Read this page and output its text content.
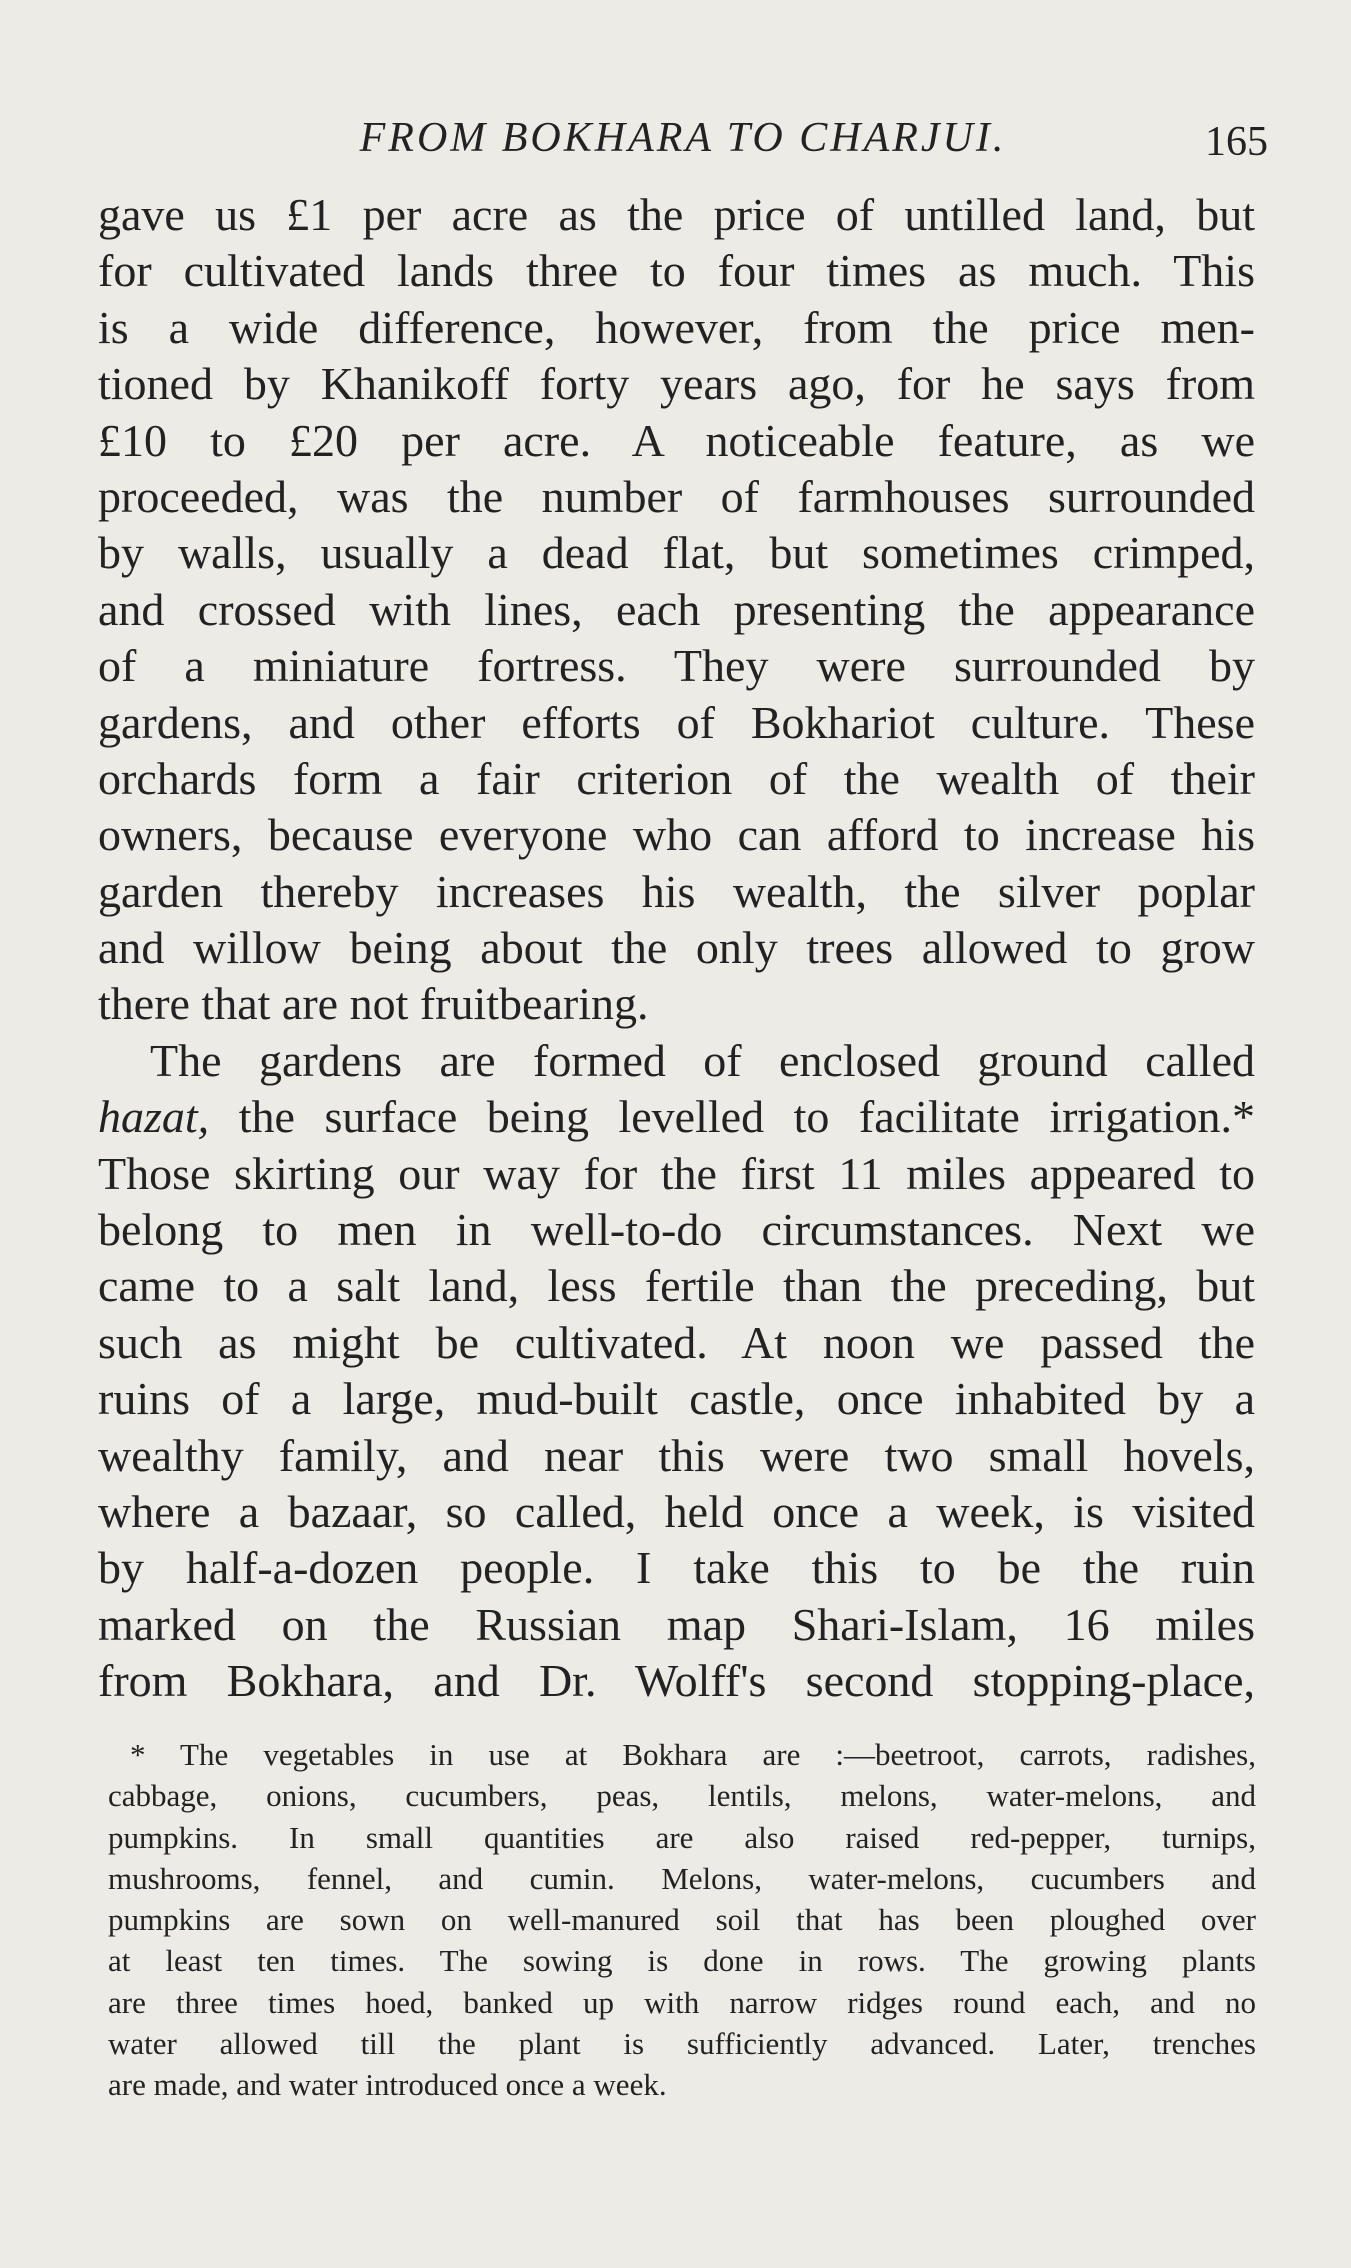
FROM BOKHARA TO CHARJUI.	165
gave us £1 per acre as the price of untilled land, but
for cultivated lands three to four times as much. This
is a wide difference, however, from the price men-
tioned by Khanikoff forty years ago, for he says from
£10 to £20 per acre. A noticeable feature, as we
proceeded, was the number of farmhouses surrounded
by walls, usually a dead flat, but sometimes crimped,
and crossed with lines, each presenting the appearance
of a miniature fortress. They were surrounded by
gardens, and other efforts of Bokhariot culture. These
orchards form a fair criterion of the wealth of their
owners, because everyone who can afford to increase his
garden thereby increases his wealth, the silver poplar
and willow being about the only trees allowed to grow
there that are not fruitbearing.
The gardens are formed of enclosed ground called
hazat, the surface being levelled to facilitate irrigation.*
Those skirting our way for the first 11 miles appeared to
belong to men in well-to-do circumstances. Next we
came to a salt land, less fertile than the preceding, but
such as might be cultivated. At noon we passed the
ruins of a large, mud-built castle, once inhabited by a
wealthy family, and near this were two small hovels,
where a bazaar, so called, held once a week, is visited
by half-a-dozen people. I take this to be the ruin
marked on the Russian map Shari-Islam, 16 miles
from Bokhara, and Dr. Wolff's second stopping-place,
* The vegetables in use at Bokhara are :—beetroot, carrots, radishes,
cabbage, onions, cucumbers, peas, lentils, melons, water-melons, and
pumpkins. In small quantities are also raised red-pepper, turnips,
mushrooms, fennel, and cumin. Melons, water-melons, cucumbers and
pumpkins are sown on well-manured soil that has been ploughed over
at least ten times. The sowing is done in rows. The growing plants
are three times hoed, banked up with narrow ridges round each, and no
water allowed till the plant is sufficiently advanced. Later, trenches
are made, and water introduced once a week.
